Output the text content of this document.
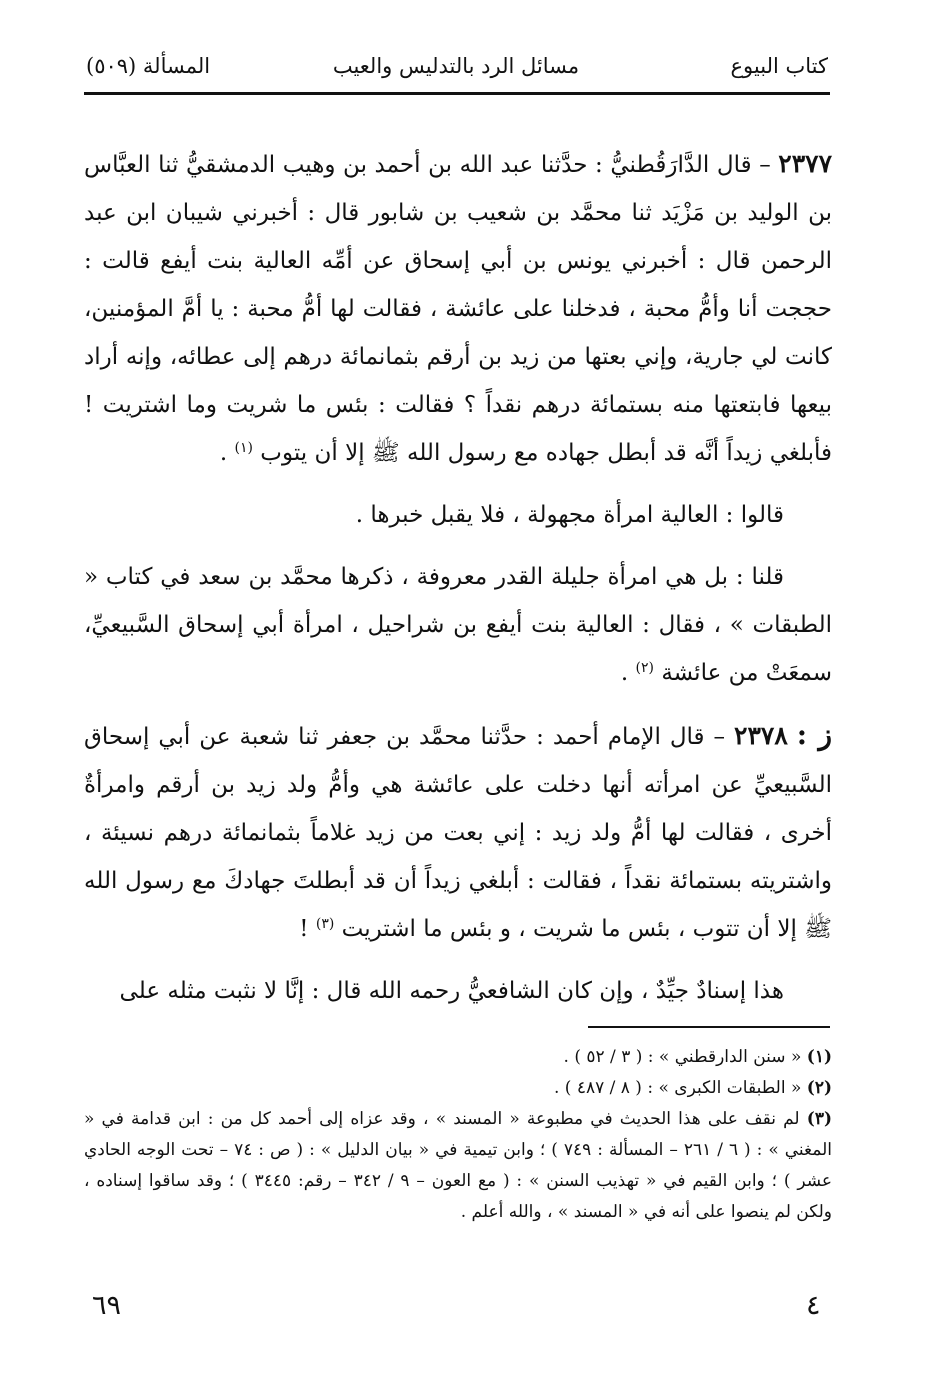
كتاب البيوع
مسائل الرد بالتدليس والعيب
المسألة (٥٠٩)

٢٣٧٧ – قال الدَّارَقُطنيُّ : حدَّثنا عبد الله بن أحمد بن وهيب الدمشقيُّ ثنا العبَّاس بن الوليد بن مَزْيَد ثنا محمَّد بن شعيب بن شابور قال : أخبرني شيبان ابن عبد الرحمن قال : أخبرني يونس بن أبي إسحاق عن أمِّه العالية بنت أيفع قالت : حججت أنا وأمُّ محبة ، فدخلنا على عائشة ، فقالت لها أمُّ محبة : يا أمَّ المؤمنين، كانت لي جارية، وإني بعتها من زيد بن أرقم بثمانمائة درهم إلى عطائه، وإنه أراد بيعها فابتعتها منه بستمائة درهم نقداً ؟ فقالت : بئس ما شريت وما اشتريت ! فأبلغي زيداً أنَّه قد أبطل جهاده مع رسول الله ﷺ إلا أن يتوب $^{(١)}$ .

قالوا : العالية امرأة مجهولة ، فلا يقبل خبرها .

قلنا : بل هي امرأة جليلة القدر معروفة ، ذكرها محمَّد بن سعد في كتاب « الطبقات » ، فقال : العالية بنت أيفع بن شراحيل ، امرأة أبي إسحاق السَّبيعيِّ، سمعَتْ من عائشة $^{(٢)}$ .

ز : ٢٣٧٨ – قال الإمام أحمد : حدَّثنا محمَّد بن جعفر ثنا شعبة عن أبي إسحاق السَّبيعيِّ عن امرأته أنها دخلت على عائشة هي وأمُّ ولد زيد بن أرقم وامرأةٌ أخرى ، فقالت لها أمُّ ولد زيد : إني بعت من زيد غلاماً بثمانمائة درهم نسيئة ، واشتريته بستمائة نقداً ، فقالت : أبلغي زيداً أن قد أبطلتَ جهادكَ مع رسول الله ﷺ إلا أن تتوب ، بئس ما شريت ، و بئس ما اشتريت $^{(٣)}$ !

هذا إسنادٌ جيِّدٌ ، وإن كان الشافعيُّ رحمه الله قال : إنَّا لا نثبت مثله على

(١) « سنن الدارقطني » : ( ٣ / ٥٢ ) .

(٢) « الطبقات الكبرى » : ( ٨ / ٤٨٧ ) .

(٣) لم نقف على هذا الحديث في مطبوعة « المسند » ، وقد عزاه إلى أحمد كل من : ابن قدامة في « المغني » : ( ٦ / ٢٦١ – المسألة : ٧٤٩ ) ؛ وابن تيمية في « بيان الدليل » : ( ص : ٧٤ – تحت الوجه الحادي عشر ) ؛ وابن القيم في « تهذيب السنن » : ( مع العون – ٩ / ٣٤٢ – رقم: ٣٤٤٥ ) ؛ وقد ساقوا إسناده ، ولكن لم ينصوا على أنه في « المسند » ، والله أعلم .

٦٩	٤
